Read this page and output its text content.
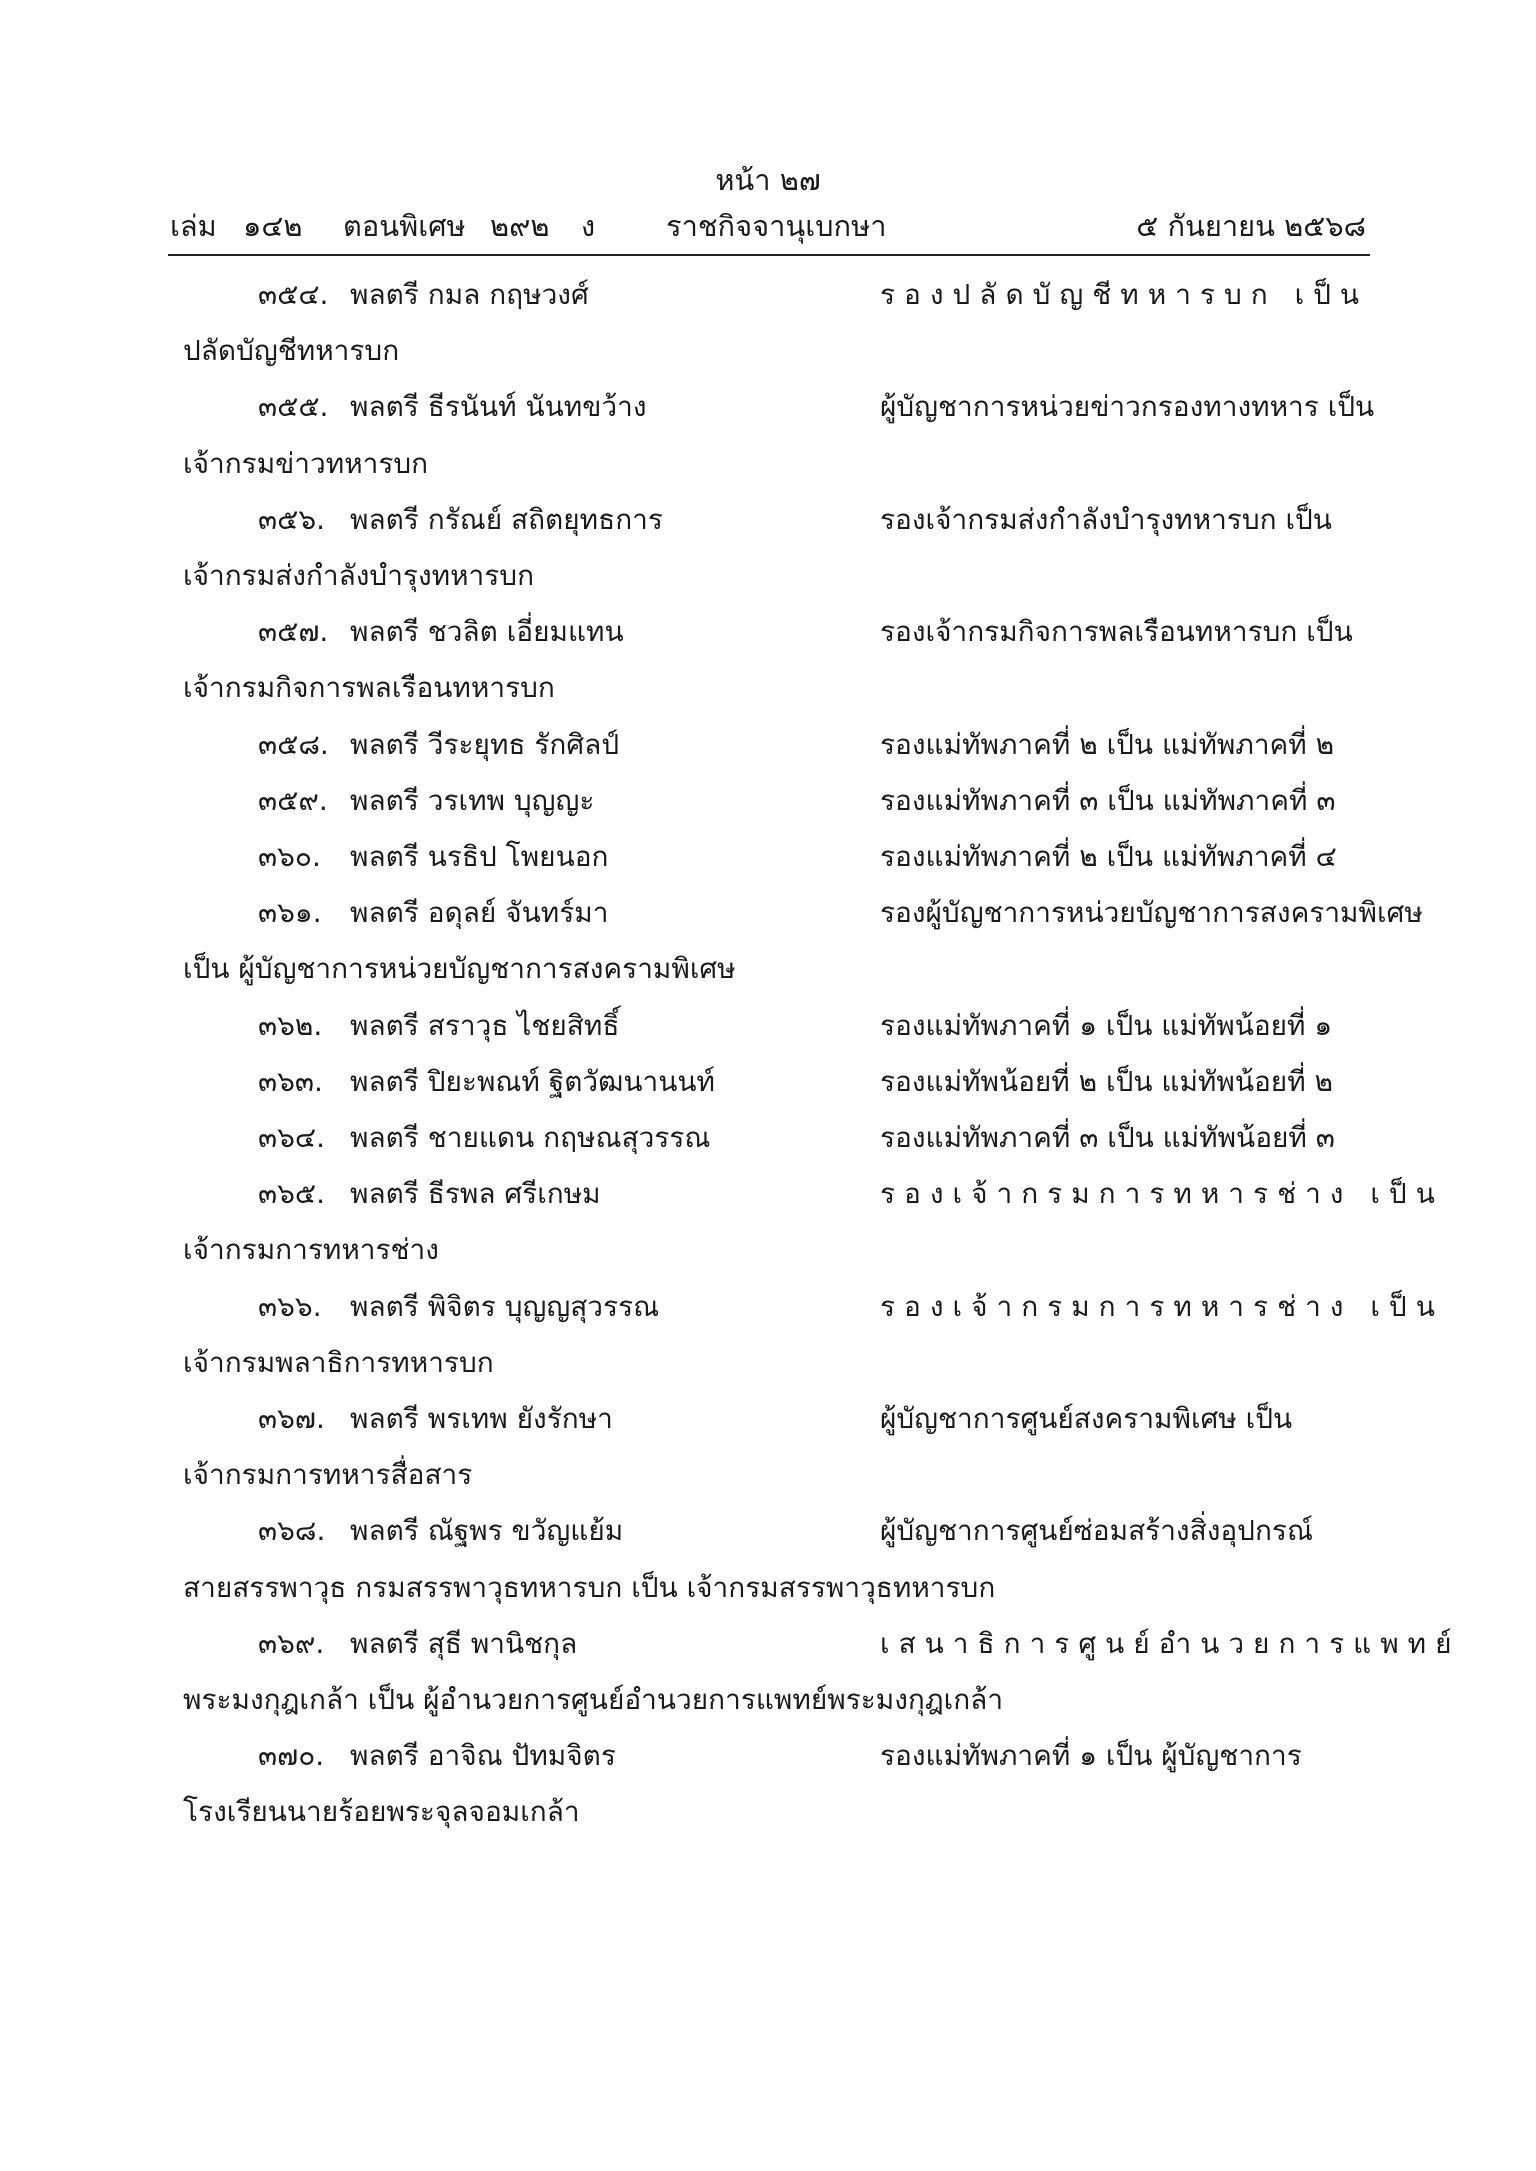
หน้า ๒๗
เล่ม ๑๔๒ ตอนพิเศษ ๒๙๒ ง ราชกิจจานุเบกษา	๕ กันยายน ๒๕๖๘
๓๕๔. พลตรี กมล กฤษวงศ์	รองปลัดบัญชีทหารบก เป็น
ปลัดบัญชีทหารบก
๓๕๕. พลตรี ธีรนันท์ นันทขว้าง	ผู้บัญชาการหน่วยข่าวกรองทางทหาร เป็น
เจ้ากรมข่าวทหารบก
๓๕๖. พลตรี กรัณย์ สถิตยุทธการ	รองเจ้ากรมส่งกำลังบำรุงทหารบก เป็น
เจ้ากรมส่งกำลังบำรุงทหารบก
๓๕๗. พลตรี ชวลิต เอี่ยมแทน	รองเจ้ากรมกิจการพลเรือนทหารบก เป็น
เจ้ากรมกิจการพลเรือนทหารบก
๓๕๘. พลตรี วีระยุทธ รักศิลป์	รองแม่ทัพภาคที่ ๒ เป็น แม่ทัพภาคที่ ๒
๓๕๙. พลตรี วรเทพ บุญญะ	รองแม่ทัพภาคที่ ๓ เป็น แม่ทัพภาคที่ ๓
๓๖๐. พลตรี นรธิป โพยนอก	รองแม่ทัพภาคที่ ๒ เป็น แม่ทัพภาคที่ ๔
๓๖๑. พลตรี อดุลย์ จันทร์มา	รองผู้บัญชาการหน่วยบัญชาการสงครามพิเศษ
เป็น ผู้บัญชาการหน่วยบัญชาการสงครามพิเศษ
๓๖๒. พลตรี สราวุธ ไชยสิทธิ์	รองแม่ทัพภาคที่ ๑ เป็น แม่ทัพน้อยที่ ๑
๓๖๓. พลตรี ปิยะพณท์ ฐิตวัฒนานนท์	รองแม่ทัพน้อยที่ ๒ เป็น แม่ทัพน้อยที่ ๒
๓๖๔. พลตรี ชายแดน กฤษณสุวรรณ	รองแม่ทัพภาคที่ ๓ เป็น แม่ทัพน้อยที่ ๓
๓๖๕. พลตรี ธีรพล ศรีเกษม	รองเจ้ากรมการทหารช่าง เป็น
เจ้ากรมการทหารช่าง
๓๖๖. พลตรี พิจิตร บุญญสุวรรณ	รองเจ้ากรมการทหารช่าง เป็น
เจ้ากรมพลาธิการทหารบก
๓๖๗. พลตรี พรเทพ ยังรักษา	ผู้บัญชาการศูนย์สงครามพิเศษ เป็น
เจ้ากรมการทหารสื่อสาร
๓๖๘. พลตรี ณัฐพร ขวัญแย้ม	ผู้บัญชาการศูนย์ซ่อมสร้างสิ่งอุปกรณ์
สายสรรพาวุธ กรมสรรพาวุธทหารบก เป็น เจ้ากรมสรรพาวุธทหารบก
๓๖๙. พลตรี สุธี พานิชกุล	เสนาธิการศูนย์อำนวยการแพทย์
พระมงกุฎเกล้า เป็น ผู้อำนวยการศูนย์อำนวยการแพทย์พระมงกุฎเกล้า
๓๗๐. พลตรี อาจิณ ปัทมจิตร	รองแม่ทัพภาคที่ ๑ เป็น ผู้บัญชาการ
โรงเรียนนายร้อยพระจุลจอมเกล้า
